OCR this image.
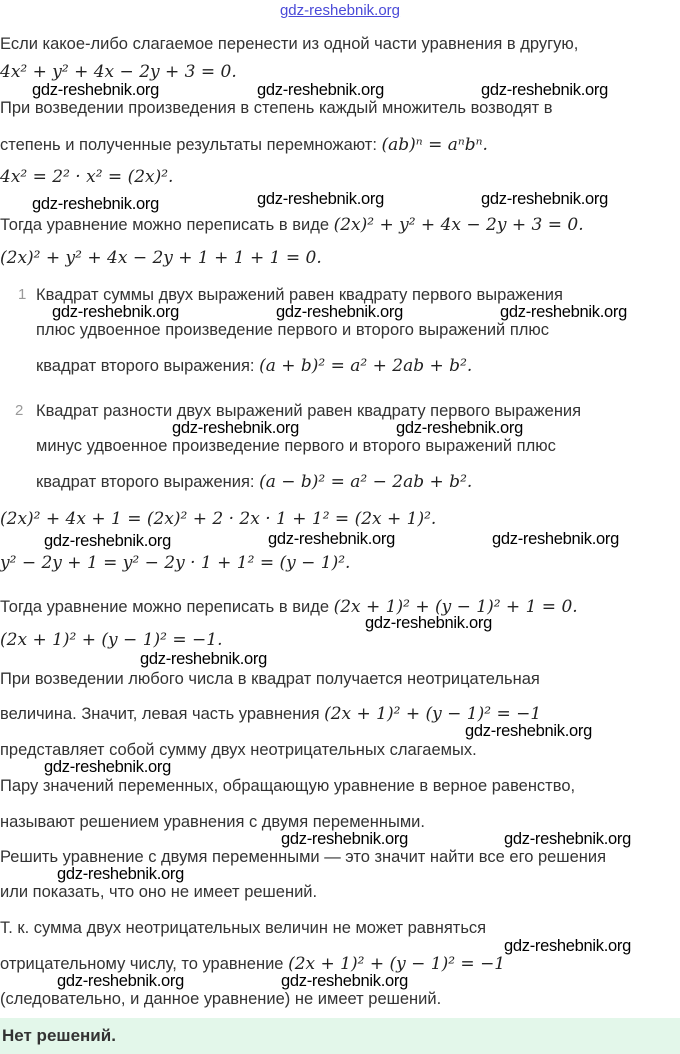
gdz-reshebnik.org
Если какое-либо слагаемое перенести из одной части уравнения в другую,
4x² + y² + 4x − 2y + 3 = 0.
При возведении произведения в степень каждый множитель возводят в
степень и полученные результаты перемножают: (ab)ⁿ = aⁿbⁿ.
4x² = 2² · x² = (2x)².
Тогда уравнение можно переписать в виде (2x)² + y² + 4x − 2y + 3 = 0.
(2x)² + y² + 4x − 2y + 1 + 1 + 1 = 0.
1 Квадрат суммы двух выражений равен квадрату первого выражения
плюс удвоенное произведение первого и второго выражений плюс
квадрат второго выражения: (a + b)² = a² + 2ab + b².
2 Квадрат разности двух выражений равен квадрату первого выражения
минус удвоенное произведение первого и второго выражений плюс
квадрат второго выражения: (a − b)² = a² − 2ab + b².
(2x)² + 4x + 1 = (2x)² + 2 · 2x · 1 + 1² = (2x + 1)².
y² − 2y + 1 = y² − 2y · 1 + 1² = (y − 1)².
Тогда уравнение можно переписать в виде (2x + 1)² + (y − 1)² + 1 = 0.
(2x + 1)² + (y − 1)² = −1.
При возведении любого числа в квадрат получается неотрицательная
величина. Значит, левая часть уравнения (2x + 1)² + (y − 1)² = −1
представляет собой сумму двух неотрицательных слагаемых.
Пару значений переменных, обращающую уравнение в верное равенство,
называют решением уравнения с двумя переменными.
Решить уравнение с двумя переменными — это значит найти все его решения
или показать, что оно не имеет решений.
Т. к. сумма двух неотрицательных величин не может равняться
отрицательному числу, то уравнение (2x + 1)² + (y − 1)² = −1
(следовательно, и данное уравнение) не имеет решений.
Нет решений.
gdz-reshebnik.org	gdz-reshebnik.org	gdz-reshebnik.org
gdz-reshebnik.org	gdz-reshebnik.org	gdz-reshebnik.org
gdz-reshebnik.org	gdz-reshebnik.org	gdz-reshebnik.org
gdz-reshebnik.org	gdz-reshebnik.org
gdz-reshebnik.org
gdz-reshebnik.org	gdz-reshebnik.org
gdz-reshebnik.org
gdz-reshebnik.org
gdz-reshebnik.org
gdz-reshebnik.org
gdz-reshebnik.org
gdz-reshebnik.org
gdz-reshebnik.org
gdz-reshebnik.org
gdz-reshebnik.org	gdz-reshebnik.org
